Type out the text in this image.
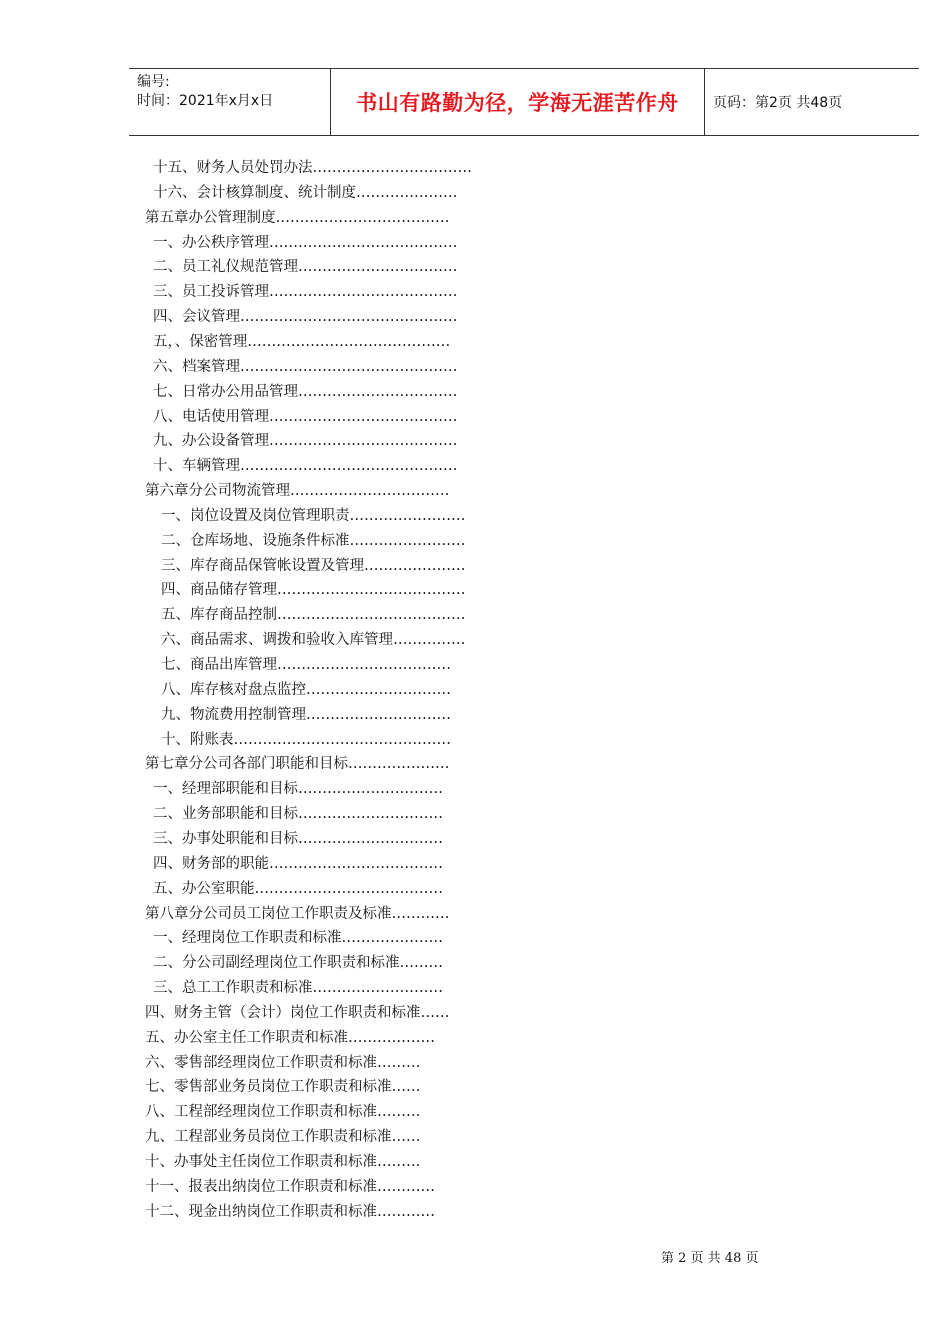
编号:
时间：2021年x月x日	书山有路勤为径，学海无涯苦作舟	页码：第2页 共48页
十五、财务人员处罚办法……………………………
十六、会计核算制度、统计制度…………………
第五章办公管理制度………………………………
一、办公秩序管理…………………………………
二、员工礼仪规范管理……………………………
三、员工投诉管理…………………………………
四、会议管理………………………………………
五，、保密管理……………………………………
六、档案管理………………………………………
七、日常办公用品管理……………………………
八、电话使用管理…………………………………
九、办公设备管理…………………………………
十、车辆管理………………………………………
第六章分公司物流管理……………………………
一、岗位设置及岗位管理职责……………………
二、仓库场地、设施条件标准……………………
三、库存商品保管帐设置及管理…………………
四、商品储存管理…………………………………
五、库存商品控制…………………………………
六、商品需求、调拨和验收入库管理……………
七、商品出库管理………………………………
八、库存核对盘点监控…………………………
九、物流费用控制管理…………………………
十、附账表………………………………………
第七章分公司各部门职能和目标…………………
一、经理部职能和目标…………………………
二、业务部职能和目标…………………………
三、办事处职能和目标…………………………
四、财务部的职能………………………………
五、办公室职能…………………………………
第八章分公司员工岗位工作职责及标准…………
一、经理岗位工作职责和标准…………………
二、分公司副经理岗位工作职责和标准………
三、总工工作职责和标准………………………
四、财务主管（会计）岗位工作职责和标准……
五、办公室主任工作职责和标准………………
六、零售部经理岗位工作职责和标准………
七、零售部业务员岗位工作职责和标准……
八、工程部经理岗位工作职责和标准………
九、工程部业务员岗位工作职责和标准……
十、办事处主任岗位工作职责和标准………
十一、报表出纳岗位工作职责和标准…………
十二、现金出纳岗位工作职责和标准…………
第 2 页 共 48 页
